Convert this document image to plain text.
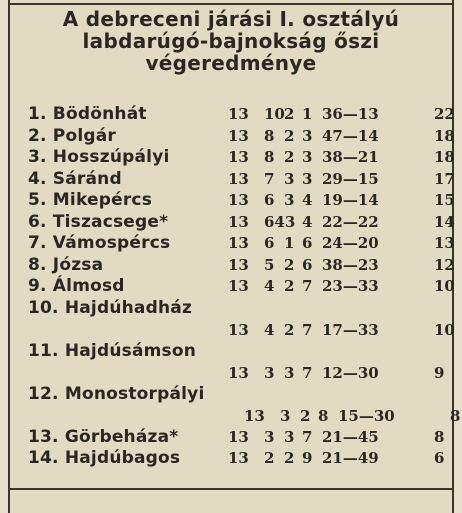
A debreceni járási I. osztályú
labdarúgó-bajnokság őszi
végeredménye
1. Bödönhát	13 10 2 1 36—13	22
2. Polgár	13 8 2 3 47—14	18
3. Hosszúpályi	13 8 2 3 38—21	18
4. Sáránd	13 7 3 3 29—15	17
5. Mikepércs	13 6 3 4 19—14	15
6. Tiszacsege*	13 643 4 22—22	14
7. Vámospércs	13 6 1 6 24—20	13
8. Józsa	13 5 2 6 38—23	12
9. Álmosd	13 4 2 7 23—33	10
10. Hajdúhadház
13 4 2 7 17—33	10
11. Hajdúsámson
13 3 3 7 12—30	9
12. Monostorpályi
13 3 2 8 15—30	8
13. Görbeháza*	13 3 3 7 21—45	8
14. Hajdúbagos	13 2 2 9 21—49	6
